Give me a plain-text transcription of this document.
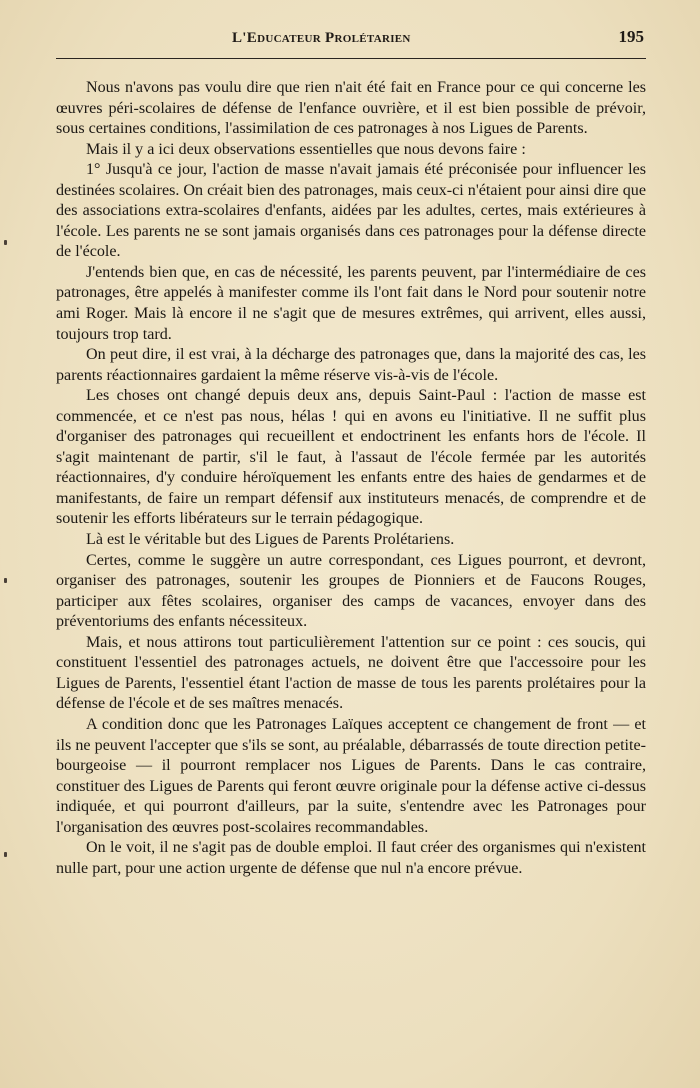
L'Educateur Prolétarien	195

Nous n'avons pas voulu dire que rien n'ait été fait en France pour ce qui concerne les œuvres péri-scolaires de défense de l'enfance ouvrière, et il est bien possible de prévoir, sous certaines conditions, l'assimilation de ces patronages à nos Ligues de Parents.

Mais il y a ici deux observations essentielles que nous devons faire :

1° Jusqu'à ce jour, l'action de masse n'avait jamais été préconisée pour influencer les destinées scolaires. On créait bien des patronages, mais ceux-ci n'étaient pour ainsi dire que des associations extra-scolaires d'enfants, aidées par les adultes, certes, mais extérieures à l'école. Les parents ne se sont jamais organisés dans ces patronages pour la défense directe de l'école.

J'entends bien que, en cas de nécessité, les parents peuvent, par l'intermédiaire de ces patronages, être appelés à manifester comme ils l'ont fait dans le Nord pour soutenir notre ami Roger. Mais là encore il ne s'agit que de mesures extrêmes, qui arrivent, elles aussi, toujours trop tard.

On peut dire, il est vrai, à la décharge des patronages que, dans la majorité des cas, les parents réactionnaires gardaient la même réserve vis-à-vis de l'école.

Les choses ont changé depuis deux ans, depuis Saint-Paul : l'action de masse est commencée, et ce n'est pas nous, hélas ! qui en avons eu l'initiative. Il ne suffit plus d'organiser des patronages qui recueillent et endoctrinent les enfants hors de l'école. Il s'agit maintenant de partir, s'il le faut, à l'assaut de l'école fermée par les autorités réactionnaires, d'y conduire héroïquement les enfants entre des haies de gendarmes et de manifestants, de faire un rempart défensif aux instituteurs menacés, de comprendre et de soutenir les efforts libérateurs sur le terrain pédagogique.

Là est le véritable but des Ligues de Parents Prolétariens.

Certes, comme le suggère un autre correspondant, ces Ligues pourront, et devront, organiser des patronages, soutenir les groupes de Pionniers et de Faucons Rouges, participer aux fêtes scolaires, organiser des camps de vacances, envoyer dans des préventoriums des enfants nécessiteux.

Mais, et nous attirons tout particulièrement l'attention sur ce point : ces soucis, qui constituent l'essentiel des patronages actuels, ne doivent être que l'accessoire pour les Ligues de Parents, l'essentiel étant l'action de masse de tous les parents prolétaires pour la défense de l'école et de ses maîtres menacés.

A condition donc que les Patronages Laïques acceptent ce changement de front — et ils ne peuvent l'accepter que s'ils se sont, au préalable, débarrassés de toute direction petite-bourgeoise — il pourront remplacer nos Ligues de Parents. Dans le cas contraire, constituer des Ligues de Parents qui feront œuvre originale pour la défense active ci-dessus indiquée, et qui pourront d'ailleurs, par la suite, s'entendre avec les Patronages pour l'organisation des œuvres post-scolaires recommandables.

On le voit, il ne s'agit pas de double emploi. Il faut créer des organismes qui n'existent nulle part, pour une action urgente de défense que nul n'a encore prévue.
